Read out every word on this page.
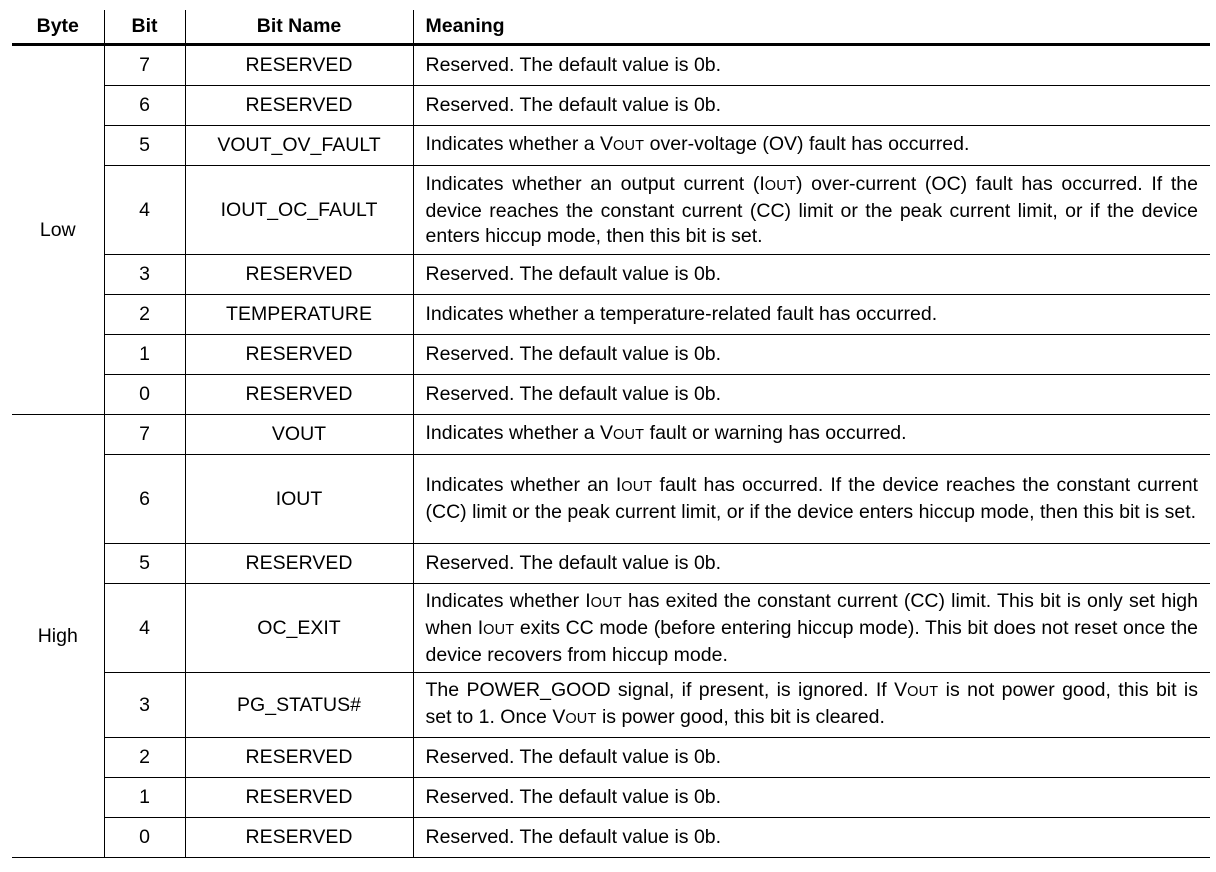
Byte	Bit	Bit Name	Meaning
Low	7	RESERVED	Reserved. The default value is 0b.

	6	RESERVED	Reserved. The default value is 0b.

	5	VOUT_OV_FAULT	Indicates whether a VOUT over-voltage (OV) fault has occurred.

	4	IOUT_OC_FAULT	Indicates whether an output current (IOUT) over-current (OC) fault has occurred. If the device reaches the constant current (CC) limit or the peak current limit, or if the device enters hiccup mode, then this bit is set.

	3	RESERVED	Reserved. The default value is 0b.

	2	TEMPERATURE	Indicates whether a temperature-related fault has occurred.

	1	RESERVED	Reserved. The default value is 0b.

	0	RESERVED	Reserved. The default value is 0b.

High	7	VOUT	Indicates whether a VOUT fault or warning has occurred.

	6	IOUT	Indicates whether an IOUT fault has occurred. If the device reaches the constant current (CC) limit or the peak current limit, or if the device enters hiccup mode, then this bit is set.

	5	RESERVED	Reserved. The default value is 0b.

	4	OC_EXIT	Indicates whether IOUT has exited the constant current (CC) limit. This bit is only set high when IOUT exits CC mode (before entering hiccup mode). This bit does not reset once the device recovers from hiccup mode.

	3	PG_STATUS#	The POWER_GOOD signal, if present, is ignored. If VOUT is not power good, this bit is set to 1. Once VOUT is power good, this bit is cleared.

	2	RESERVED	Reserved. The default value is 0b.

	1	RESERVED	Reserved. The default value is 0b.

	0	RESERVED	Reserved. The default value is 0b.
